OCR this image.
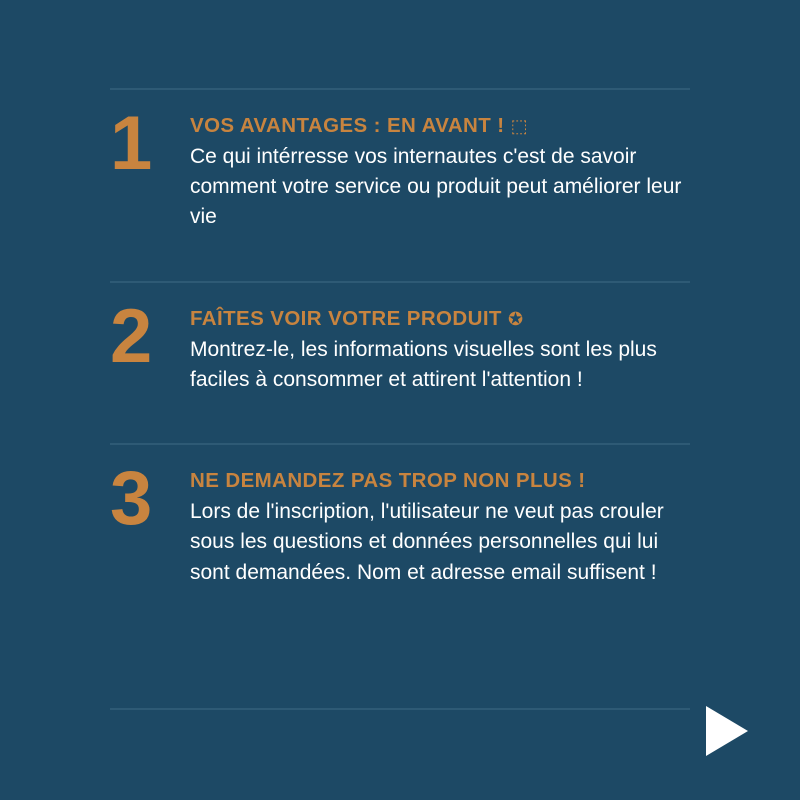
1	VOS AVANTAGES : EN AVANT ! ⬚

Ce qui intérresse vos internautes c'est de savoir comment votre service ou produit peut améliorer leur vie

2	FAÎTES VOIR VOTRE PRODUIT ✪

Montrez-le, les informations visuelles sont les plus faciles à consommer et attirent l'attention !

3	NE DEMANDEZ PAS TROP NON PLUS !

Lors de l'inscription, l'utilisateur ne veut pas crouler sous les questions et données personnelles qui lui sont demandées. Nom et adresse email suffisent !
